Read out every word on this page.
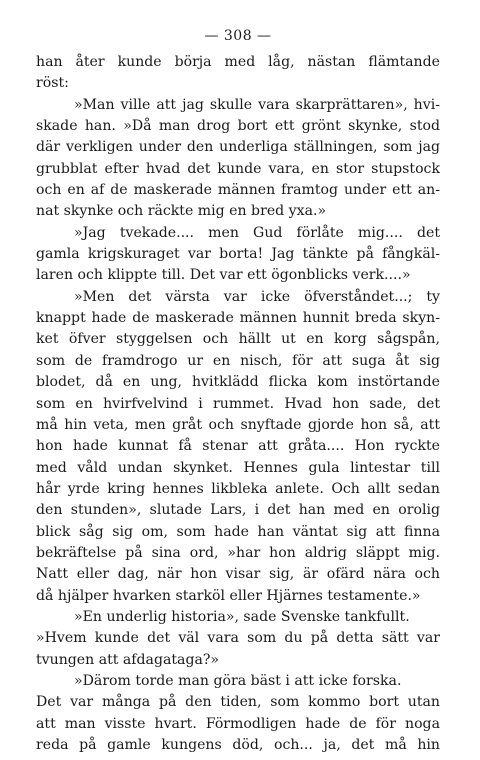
— 308 —
han åter kunde börja med låg, nästan flämtande
röst:
»Man ville att jag skulle vara skarprättaren», hvi-
skade han. »Då man drog bort ett grönt skynke, stod
där verkligen under den underliga ställningen, som jag
grubblat efter hvad det kunde vara, en stor stupstock
och en af de maskerade männen framtog under ett an-
nat skynke och räckte mig en bred yxa.»
»Jag tvekade.... men Gud förlåte mig.... det
gamla krigskuraget var borta! Jag tänkte på fångkäl-
laren och klippte till. Det var ett ögonblicks verk....»
»Men det värsta var icke öfverståndet...; ty
knappt hade de maskerade männen hunnit breda skyn-
ket öfver styggelsen och hällt ut en korg sågspån,
som de framdrogo ur en nisch, för att suga åt sig
blodet, då en ung, hvitklädd flicka kom instörtande
som en hvirfvelvind i rummet. Hvad hon sade, det
må hin veta, men gråt och snyftade gjorde hon så, att
hon hade kunnat få stenar att gråta.... Hon ryckte
med våld undan skynket. Hennes gula lintestar till
hår yrde kring hennes likbleka anlete. Och allt sedan
den stunden», slutade Lars, i det han med en orolig
blick såg sig om, som hade han väntat sig att finna
bekräftelse på sina ord, »har hon aldrig släppt mig.
Natt eller dag, när hon visar sig, är ofärd nära och
då hjälper hvarken starköl eller Hjärnes testamente.»
»En underlig historia», sade Svenske tankfullt.
»Hvem kunde det väl vara som du på detta sätt var
tvungen att afdagataga?»
»Därom torde man göra bäst i att icke forska.
Det var många på den tiden, som kommo bort utan
att man visste hvart. Förmodligen hade de för noga
reda på gamle kungens död, och... ja, det må hin
